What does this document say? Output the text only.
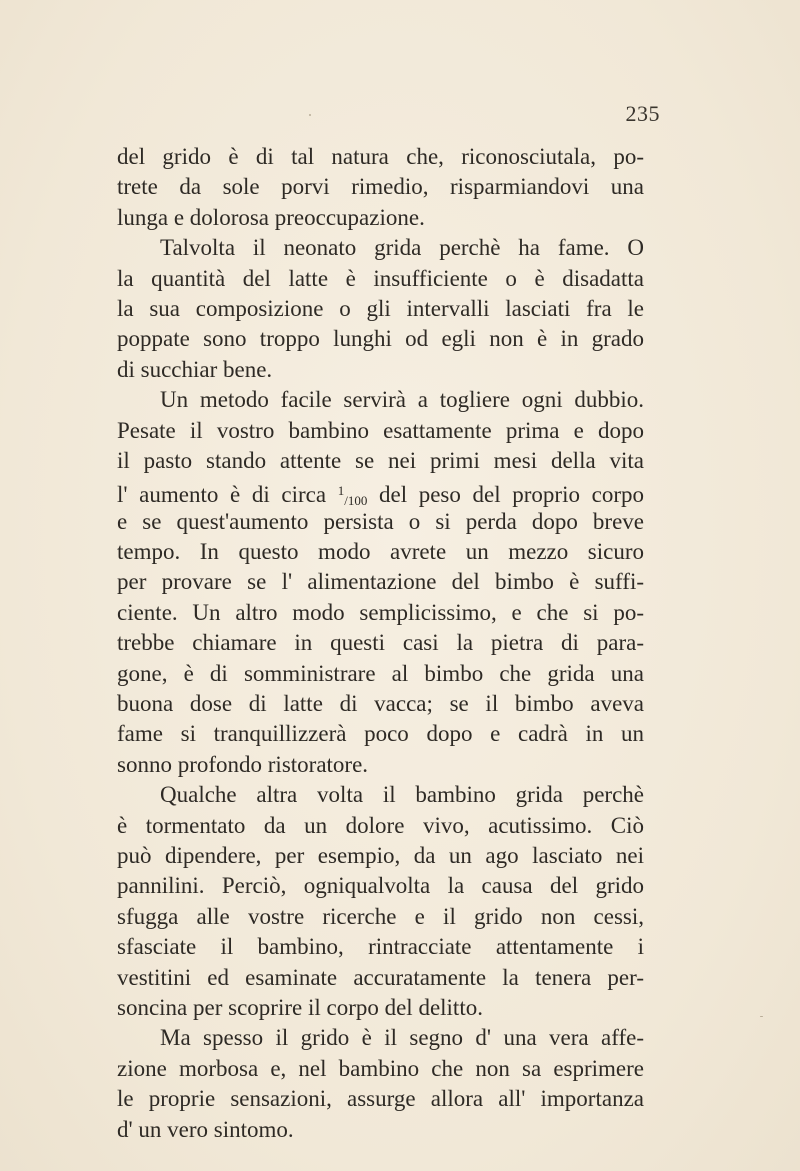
235
del grido è di tal natura che, riconosciutala, po-
trete da sole porvi rimedio, risparmiandovi una
lunga e dolorosa preoccupazione.
Talvolta il neonato grida perchè ha fame. O
la quantità del latte è insufficiente o è disadatta
la sua composizione o gli intervalli lasciati fra le
poppate sono troppo lunghi od egli non è in grado
di succhiar bene.
Un metodo facile servirà a togliere ogni dubbio.
Pesate il vostro bambino esattamente prima e dopo
il pasto stando attente se nei primi mesi della vita
l' aumento è di circa $^1$/100 del peso del proprio corpo
e se quest'aumento persista o si perda dopo breve
tempo. In questo modo avrete un mezzo sicuro
per provare se l' alimentazione del bimbo è suffi-
ciente. Un altro modo semplicissimo, e che si po-
trebbe chiamare in questi casi la pietra di para-
gone, è di somministrare al bimbo che grida una
buona dose di latte di vacca; se il bimbo aveva
fame si tranquillizzerà poco dopo e cadrà in un
sonno profondo ristoratore.
Qualche altra volta il bambino grida perchè
è tormentato da un dolore vivo, acutissimo. Ciò
può dipendere, per esempio, da un ago lasciato nei
pannilini. Perciò, ogniqualvolta la causa del grido
sfugga alle vostre ricerche e il grido non cessi,
sfasciate il bambino, rintracciate attentamente i
vestitini ed esaminate accuratamente la tenera per-
soncina per scoprire il corpo del delitto.
Ma spesso il grido è il segno d' una vera affe-
zione morbosa e, nel bambino che non sa esprimere
le proprie sensazioni, assurge allora all' importanza
d' un vero sintomo.
